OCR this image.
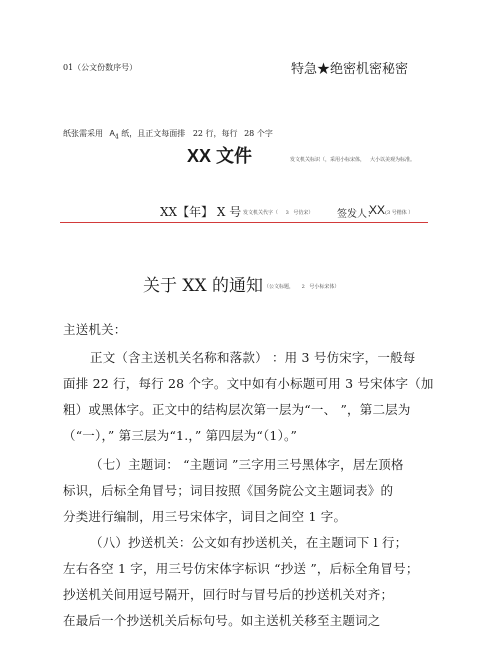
01（公文份数序号）	特急★绝密机密秘密
纸张需采用 $A_4$ 纸，且正文每面排 22 行，每行 28 个字
XX 文件	发文机关标识（，采用小标宋体， 大小以美观为标准。
XX【年】 X 号 发文机关代字（ 3 号仿宋） 签发人：
XX (3 号楷体 ）
关于 XX 的通知 （公文标题， 2 号小标宋体）
主送机关：
正文（含主送机关名称和落款） ：用 3 号仿宋字，一般每
面排 22 行，每行 28 个字。文中如有小标题可用 3 号宋体字（加
粗）或黑体字。正文中的结构层次第一层为“一、 ”，第二层为
（“一），” 第三层为“1.，” 第四层为“（1）。”
（七）主题词： “主题词 ”三字用三号黑体字，居左顶格
标识，后标全角冒号；词目按照《国务院公文主题词表》的
分类进行编制，用三号宋体字，词目之间空 1 字。
（八）抄送机关：公文如有抄送机关，在主题词下 l 行；
左右各空 1 字，用三号仿宋体字标识 “抄送 ”，后标全角冒号；
抄送机关间用逗号隔开，回行时与冒号后的抄送机关对齐；
在最后一个抄送机关后标句号。如主送机关移至主题词之
